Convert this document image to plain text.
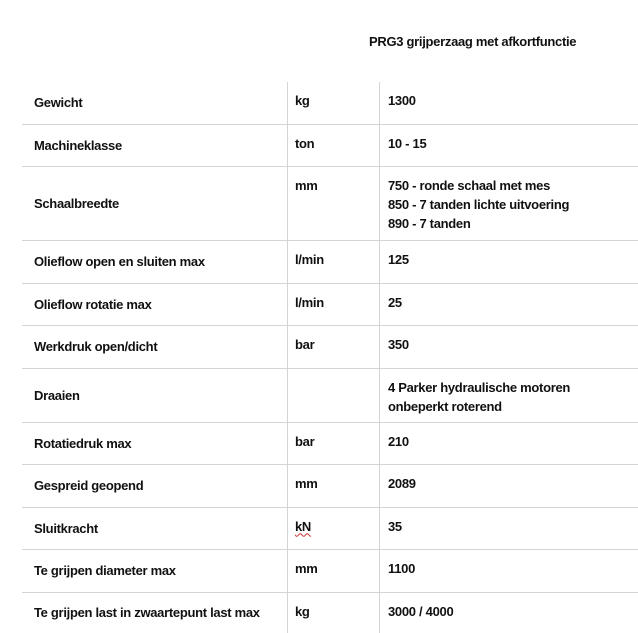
PRG3 grijperzaag met afkortfunctie
Gewicht	kg	1300

Machineklasse	ton	10 - 15

Schaalbreedte	mm	750 - ronde schaal met mes
850 - 7 tanden lichte uitvoering
890 - 7 tanden

Olieflow open en sluiten max	l/min	125

Olieflow rotatie max	l/min	25

Werkdruk open/dicht	bar	350

Draaien		4 Parker hydraulische motoren onbeperkt roterend

Rotatiedruk max	bar	210

Gespreid geopend	mm	2089

Sluitkracht	kN	35

Te grijpen diameter max	mm	1100

Te grijpen last in zwaartepunt last max	kg	3000 / 4000
